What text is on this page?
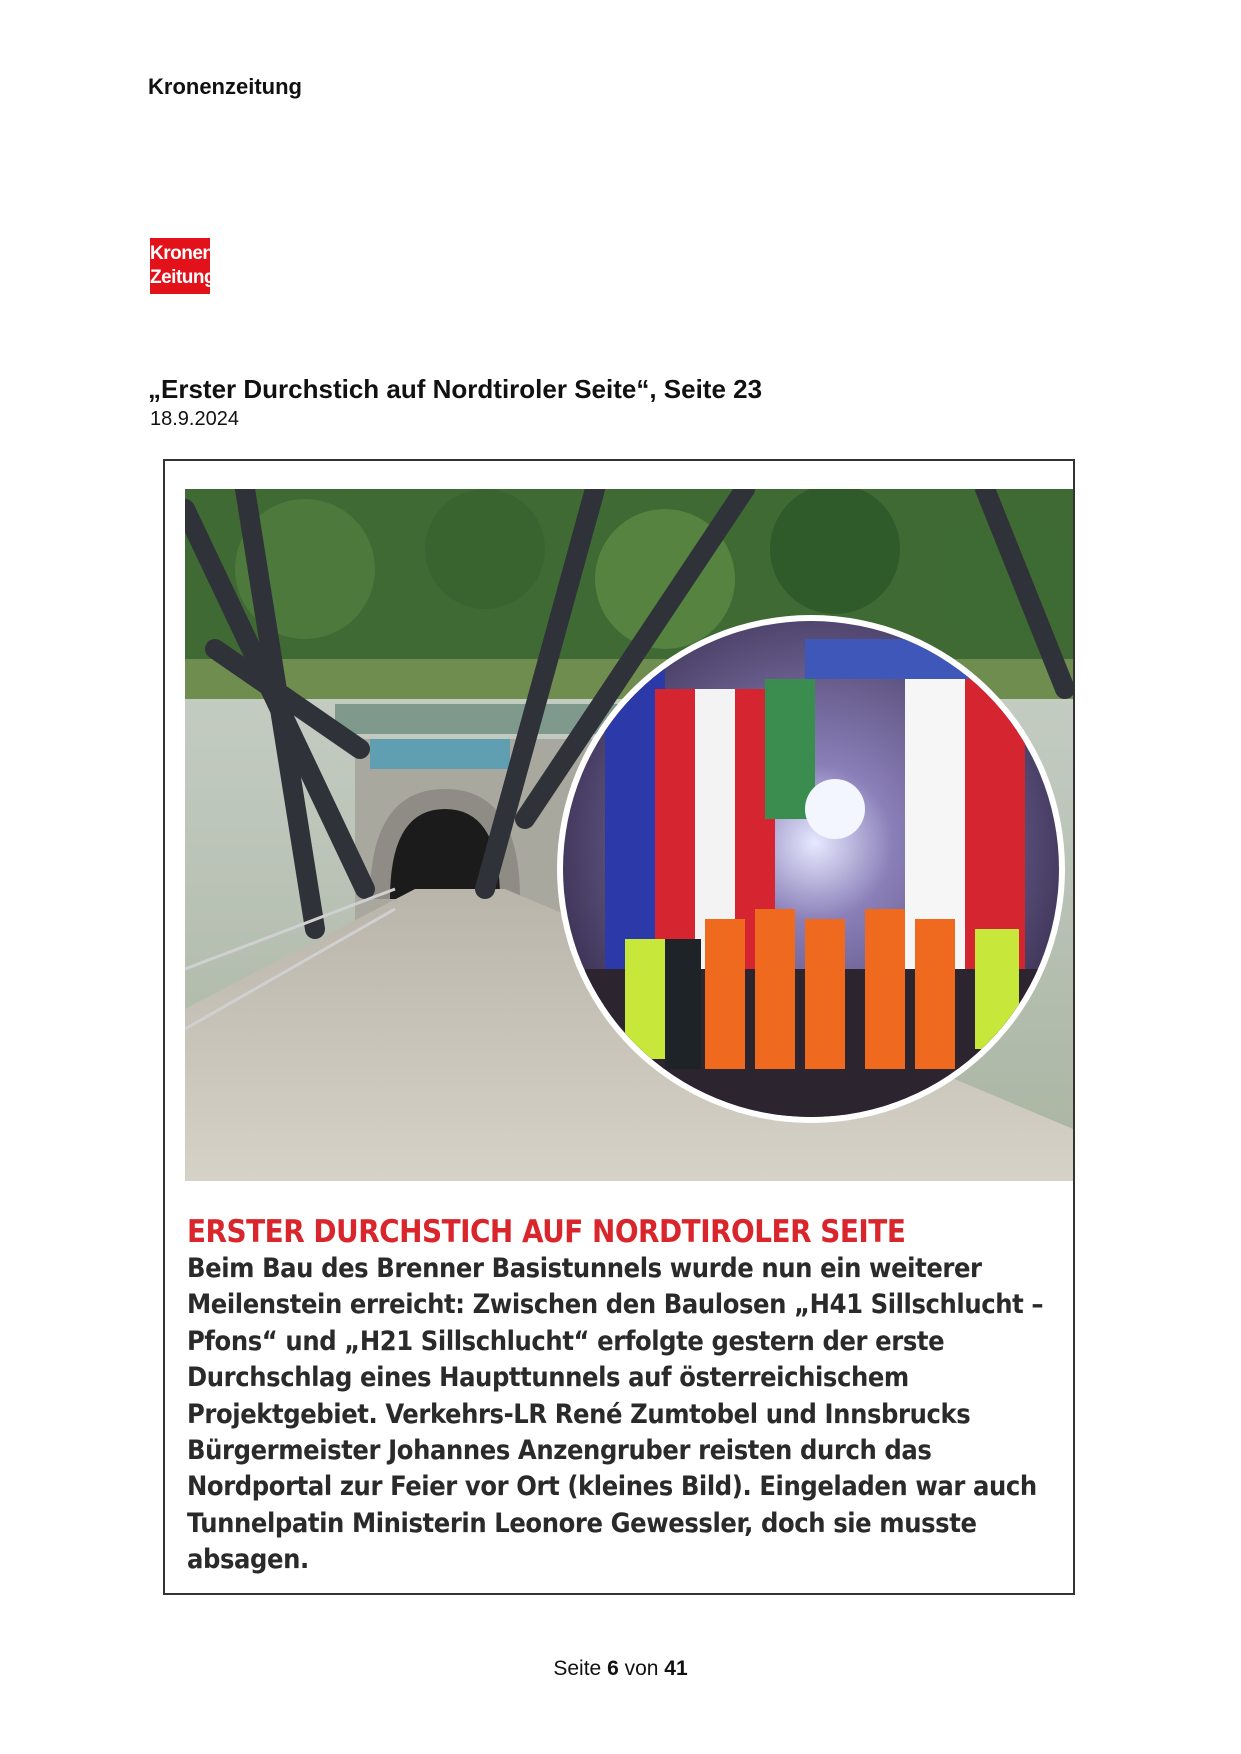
Kronenzeitung
Kronen
Zeitung
„Erster Durchstich auf Nordtiroler Seite“, Seite 23
18.9.2024
ERSTER DURCHSTICH AUF NORDTIROLER SEITE
Beim Bau des Brenner Basistunnels wurde nun ein weiterer Meilenstein erreicht: Zwischen den Baulosen „H41 Sillschlucht – Pfons“ und „H21 Sillschlucht“ erfolgte gestern der erste Durchschlag eines Haupttunnels auf österreichischem Projektgebiet. Verkehrs-LR René Zumtobel und Innsbrucks Bürgermeister Johannes Anzengruber reisten durch das Nordportal zur Feier vor Ort (kleines Bild). Eingeladen war auch Tunnelpatin Ministerin Leonore Gewessler, doch sie musste absagen.
Seite 6 von 41
